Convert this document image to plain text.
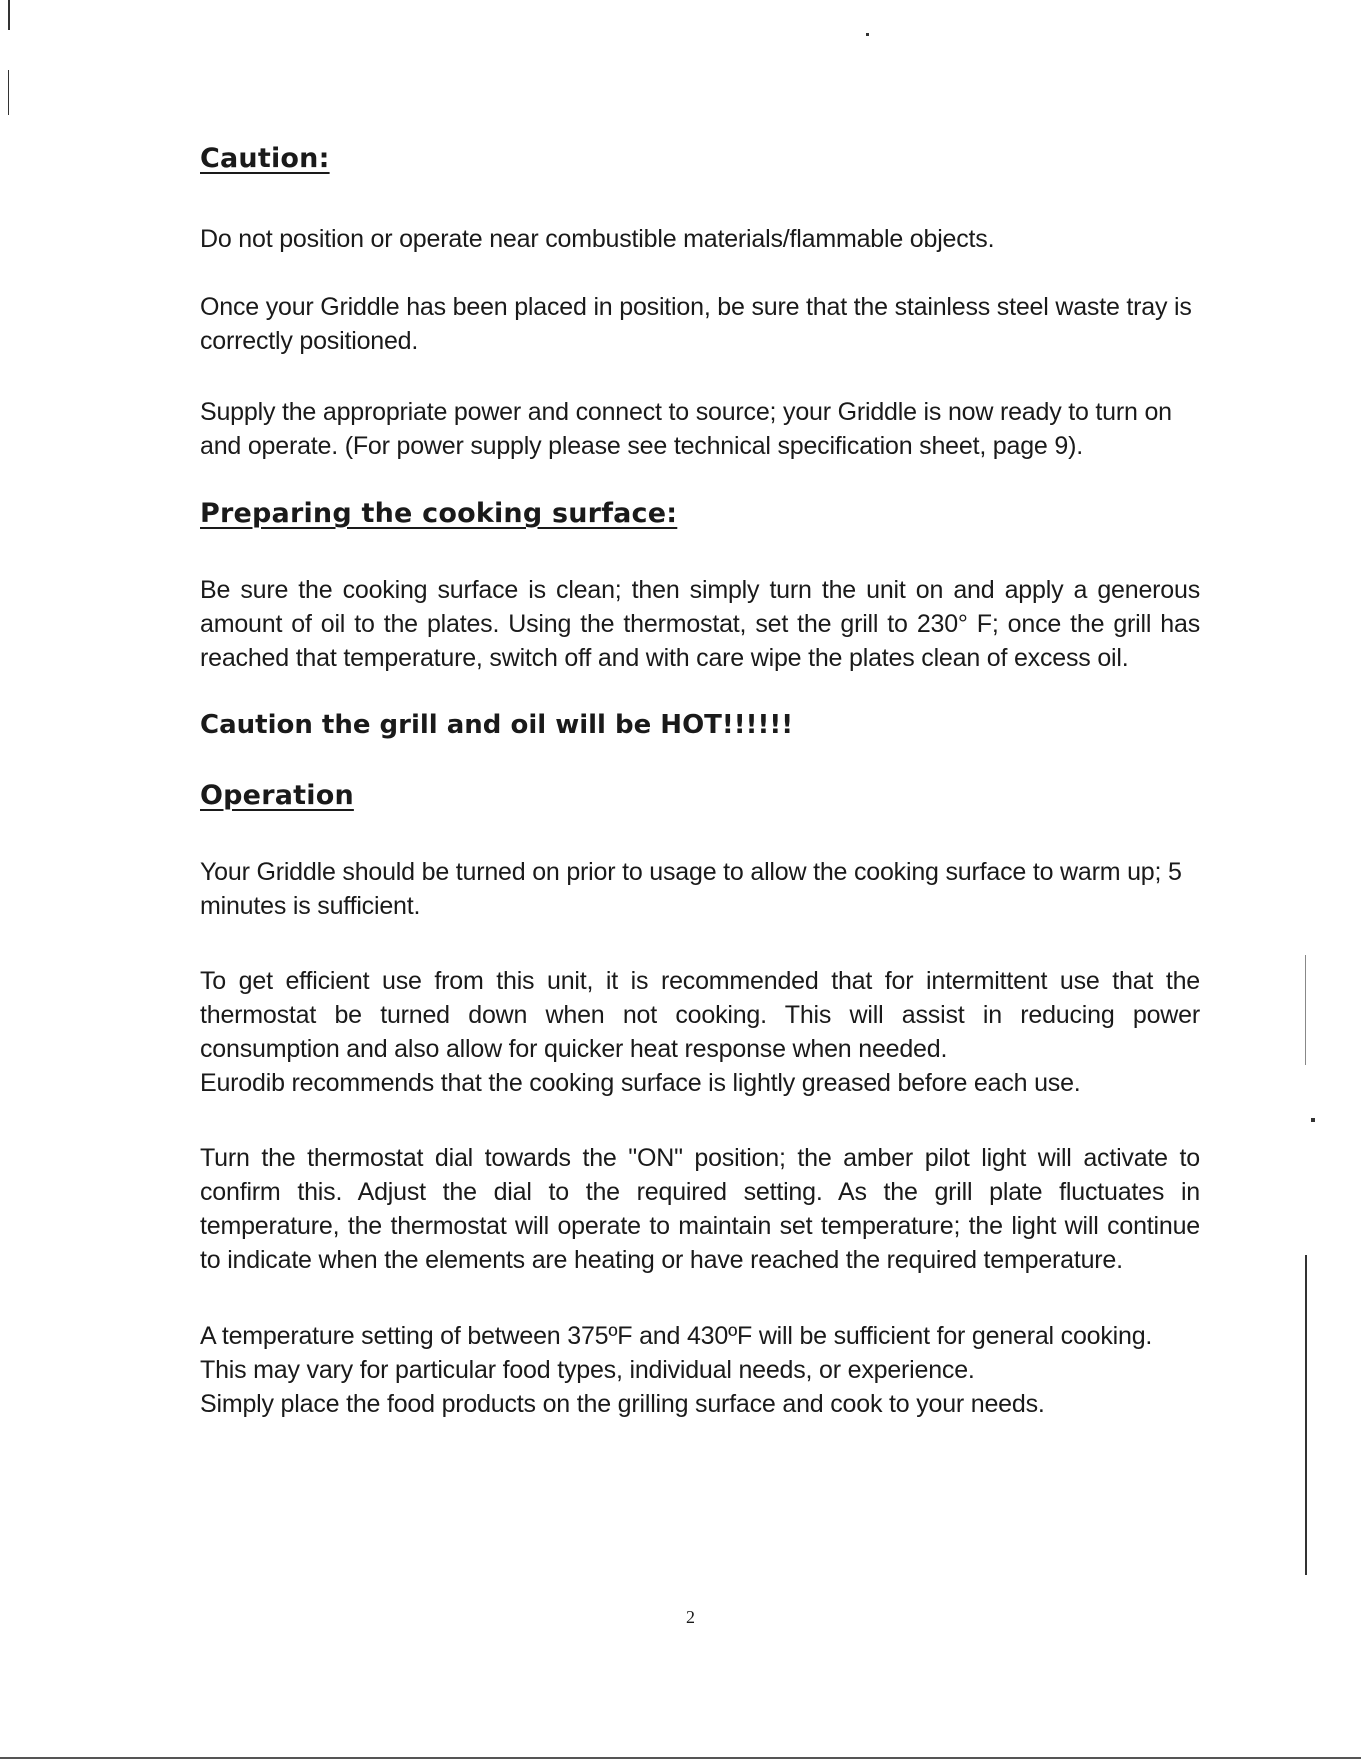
Caution:

Do not position or operate near combustible materials/flammable objects.

Once your Griddle has been placed in position, be sure that the stainless steel waste tray is correctly positioned.

Supply the appropriate power and connect to source; your Griddle is now ready to turn on and operate. (For power supply please see technical specification sheet, page 9).

Preparing the cooking surface:

Be sure the cooking surface is clean; then simply turn the unit on and apply a generous amount of oil to the plates. Using the thermostat, set the grill to 230° F; once the grill has reached that temperature, switch off and with care wipe the plates clean of excess oil.

Caution the grill and oil will be HOT!!!!!!

Operation

Your Griddle should be turned on prior to usage to allow the cooking surface to warm up; 5 minutes is sufficient.

To get efficient use from this unit, it is recommended that for intermittent use that the thermostat be turned down when not cooking. This will assist in reducing power consumption and also allow for quicker heat response when needed.

Eurodib recommends that the cooking surface is lightly greased before each use.

Turn the thermostat dial towards the "ON" position; the amber pilot light will activate to confirm this. Adjust the dial to the required setting. As the grill plate fluctuates in temperature, the thermostat will operate to maintain set temperature; the light will continue to indicate when the elements are heating or have reached the required temperature.

A temperature setting of between 375ºF and 430ºF will be sufficient for general cooking. This may vary for particular food types, individual needs, or experience.

Simply place the food products on the grilling surface and cook to your needs.

2
